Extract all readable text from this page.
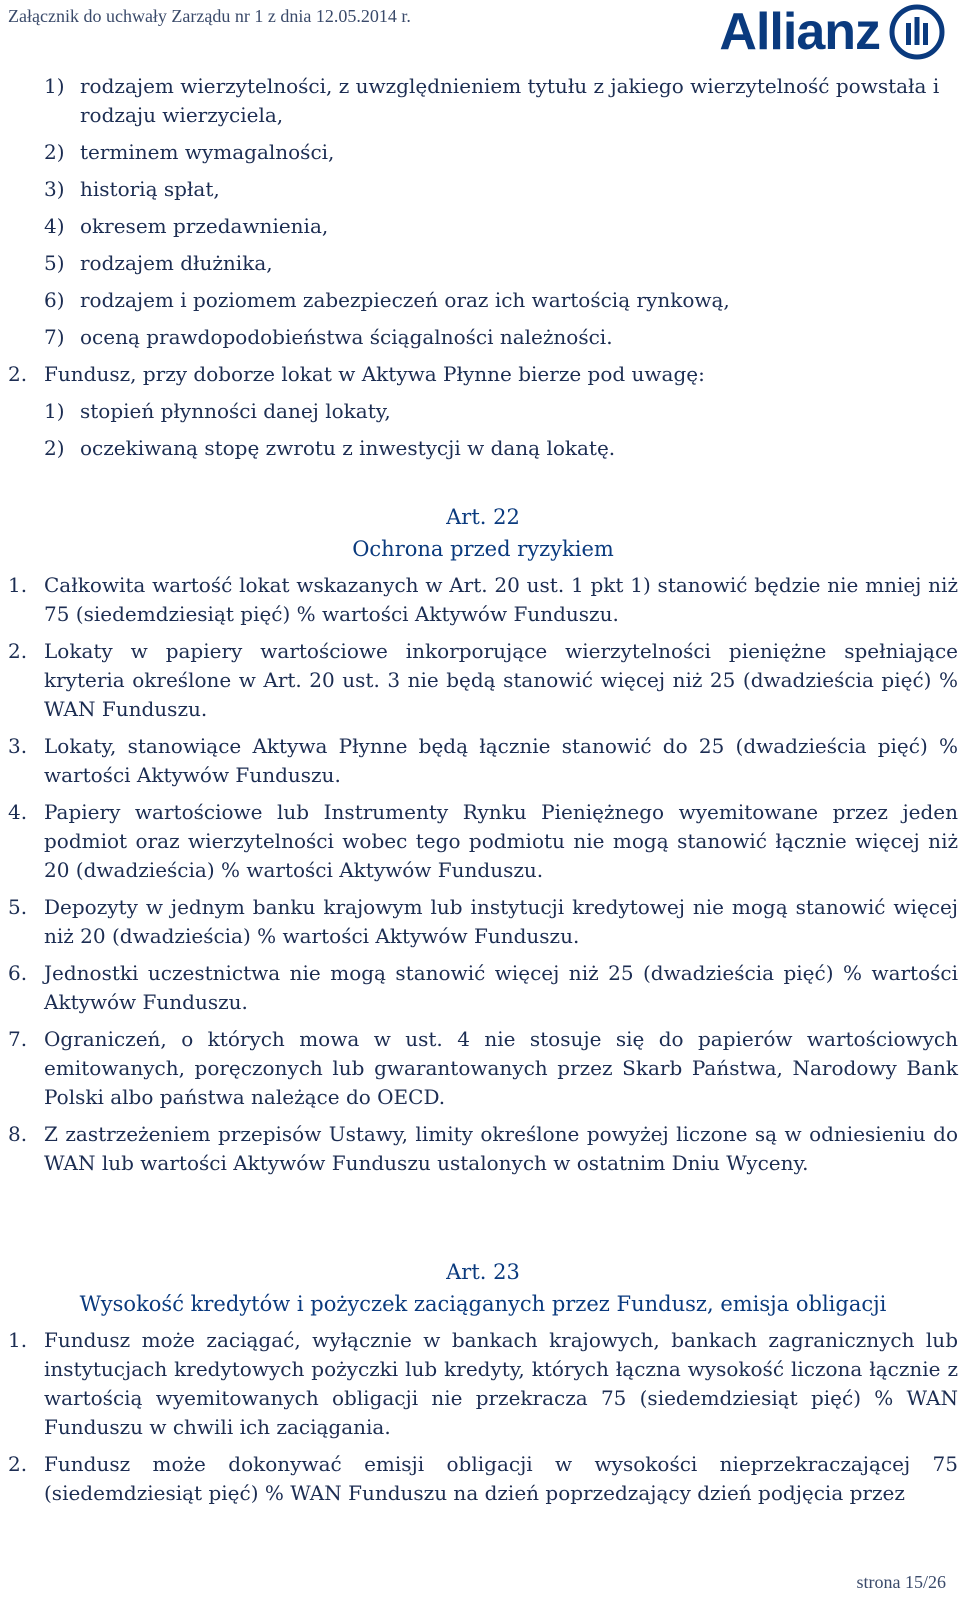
Załącznik do uchwały Zarządu nr 1 z dnia 12.05.2014 r.	Allianz
1) rodzajem wierzytelności, z uwzględnieniem tytułu z jakiego wierzytelność powstała i rodzaju wierzyciela,
2) terminem wymagalności,
3) historią spłat,
4) okresem przedawnienia,
5) rodzajem dłużnika,
6) rodzajem i poziomem zabezpieczeń oraz ich wartością rynkową,
7) oceną prawdopodobieństwa ściągalności należności.
2. Fundusz, przy doborze lokat w Aktywa Płynne bierze pod uwagę:
1) stopień płynności danej lokaty,
2) oczekiwaną stopę zwrotu z inwestycji w daną lokatę.
Art. 22
Ochrona przed ryzykiem
1. Całkowita wartość lokat wskazanych w Art. 20 ust. 1 pkt 1) stanowić będzie nie mniej niż 75 (siedemdziesiąt pięć) % wartości Aktywów Funduszu.
2. Lokaty w papiery wartościowe inkorporujące wierzytelności pieniężne spełniające kryteria określone w Art. 20 ust. 3 nie będą stanowić więcej niż 25 (dwadzieścia pięć) % WAN Funduszu.
3. Lokaty, stanowiące Aktywa Płynne będą łącznie stanowić do 25 (dwadzieścia pięć) % wartości Aktywów Funduszu.
4. Papiery wartościowe lub Instrumenty Rynku Pieniężnego wyemitowane przez jeden podmiot oraz wierzytelności wobec tego podmiotu nie mogą stanowić łącznie więcej niż 20 (dwadzieścia) % wartości Aktywów Funduszu.
5. Depozyty w jednym banku krajowym lub instytucji kredytowej nie mogą stanowić więcej niż 20 (dwadzieścia) % wartości Aktywów Funduszu.
6. Jednostki uczestnictwa nie mogą stanowić więcej niż 25 (dwadzieścia pięć) % wartości Aktywów Funduszu.
7. Ograniczeń, o których mowa w ust. 4 nie stosuje się do papierów wartościowych emitowanych, poręczonych lub gwarantowanych przez Skarb Państwa, Narodowy Bank Polski albo państwa należące do OECD.
8. Z zastrzeżeniem przepisów Ustawy, limity określone powyżej liczone są w odniesieniu do WAN lub wartości Aktywów Funduszu ustalonych w ostatnim Dniu Wyceny.
Art. 23
Wysokość kredytów i pożyczek zaciąganych przez Fundusz, emisja obligacji
1. Fundusz może zaciągać, wyłącznie w bankach krajowych, bankach zagranicznych lub instytucjach kredytowych pożyczki lub kredyty, których łączna wysokość liczona łącznie z wartością wyemitowanych obligacji nie przekracza 75 (siedemdziesiąt pięć) % WAN Funduszu w chwili ich zaciągania.
2. Fundusz może dokonywać emisji obligacji w wysokości nieprzekraczającej 75 (siedemdziesiąt pięć) % WAN Funduszu na dzień poprzedzający dzień podjęcia przez
strona 15/26
